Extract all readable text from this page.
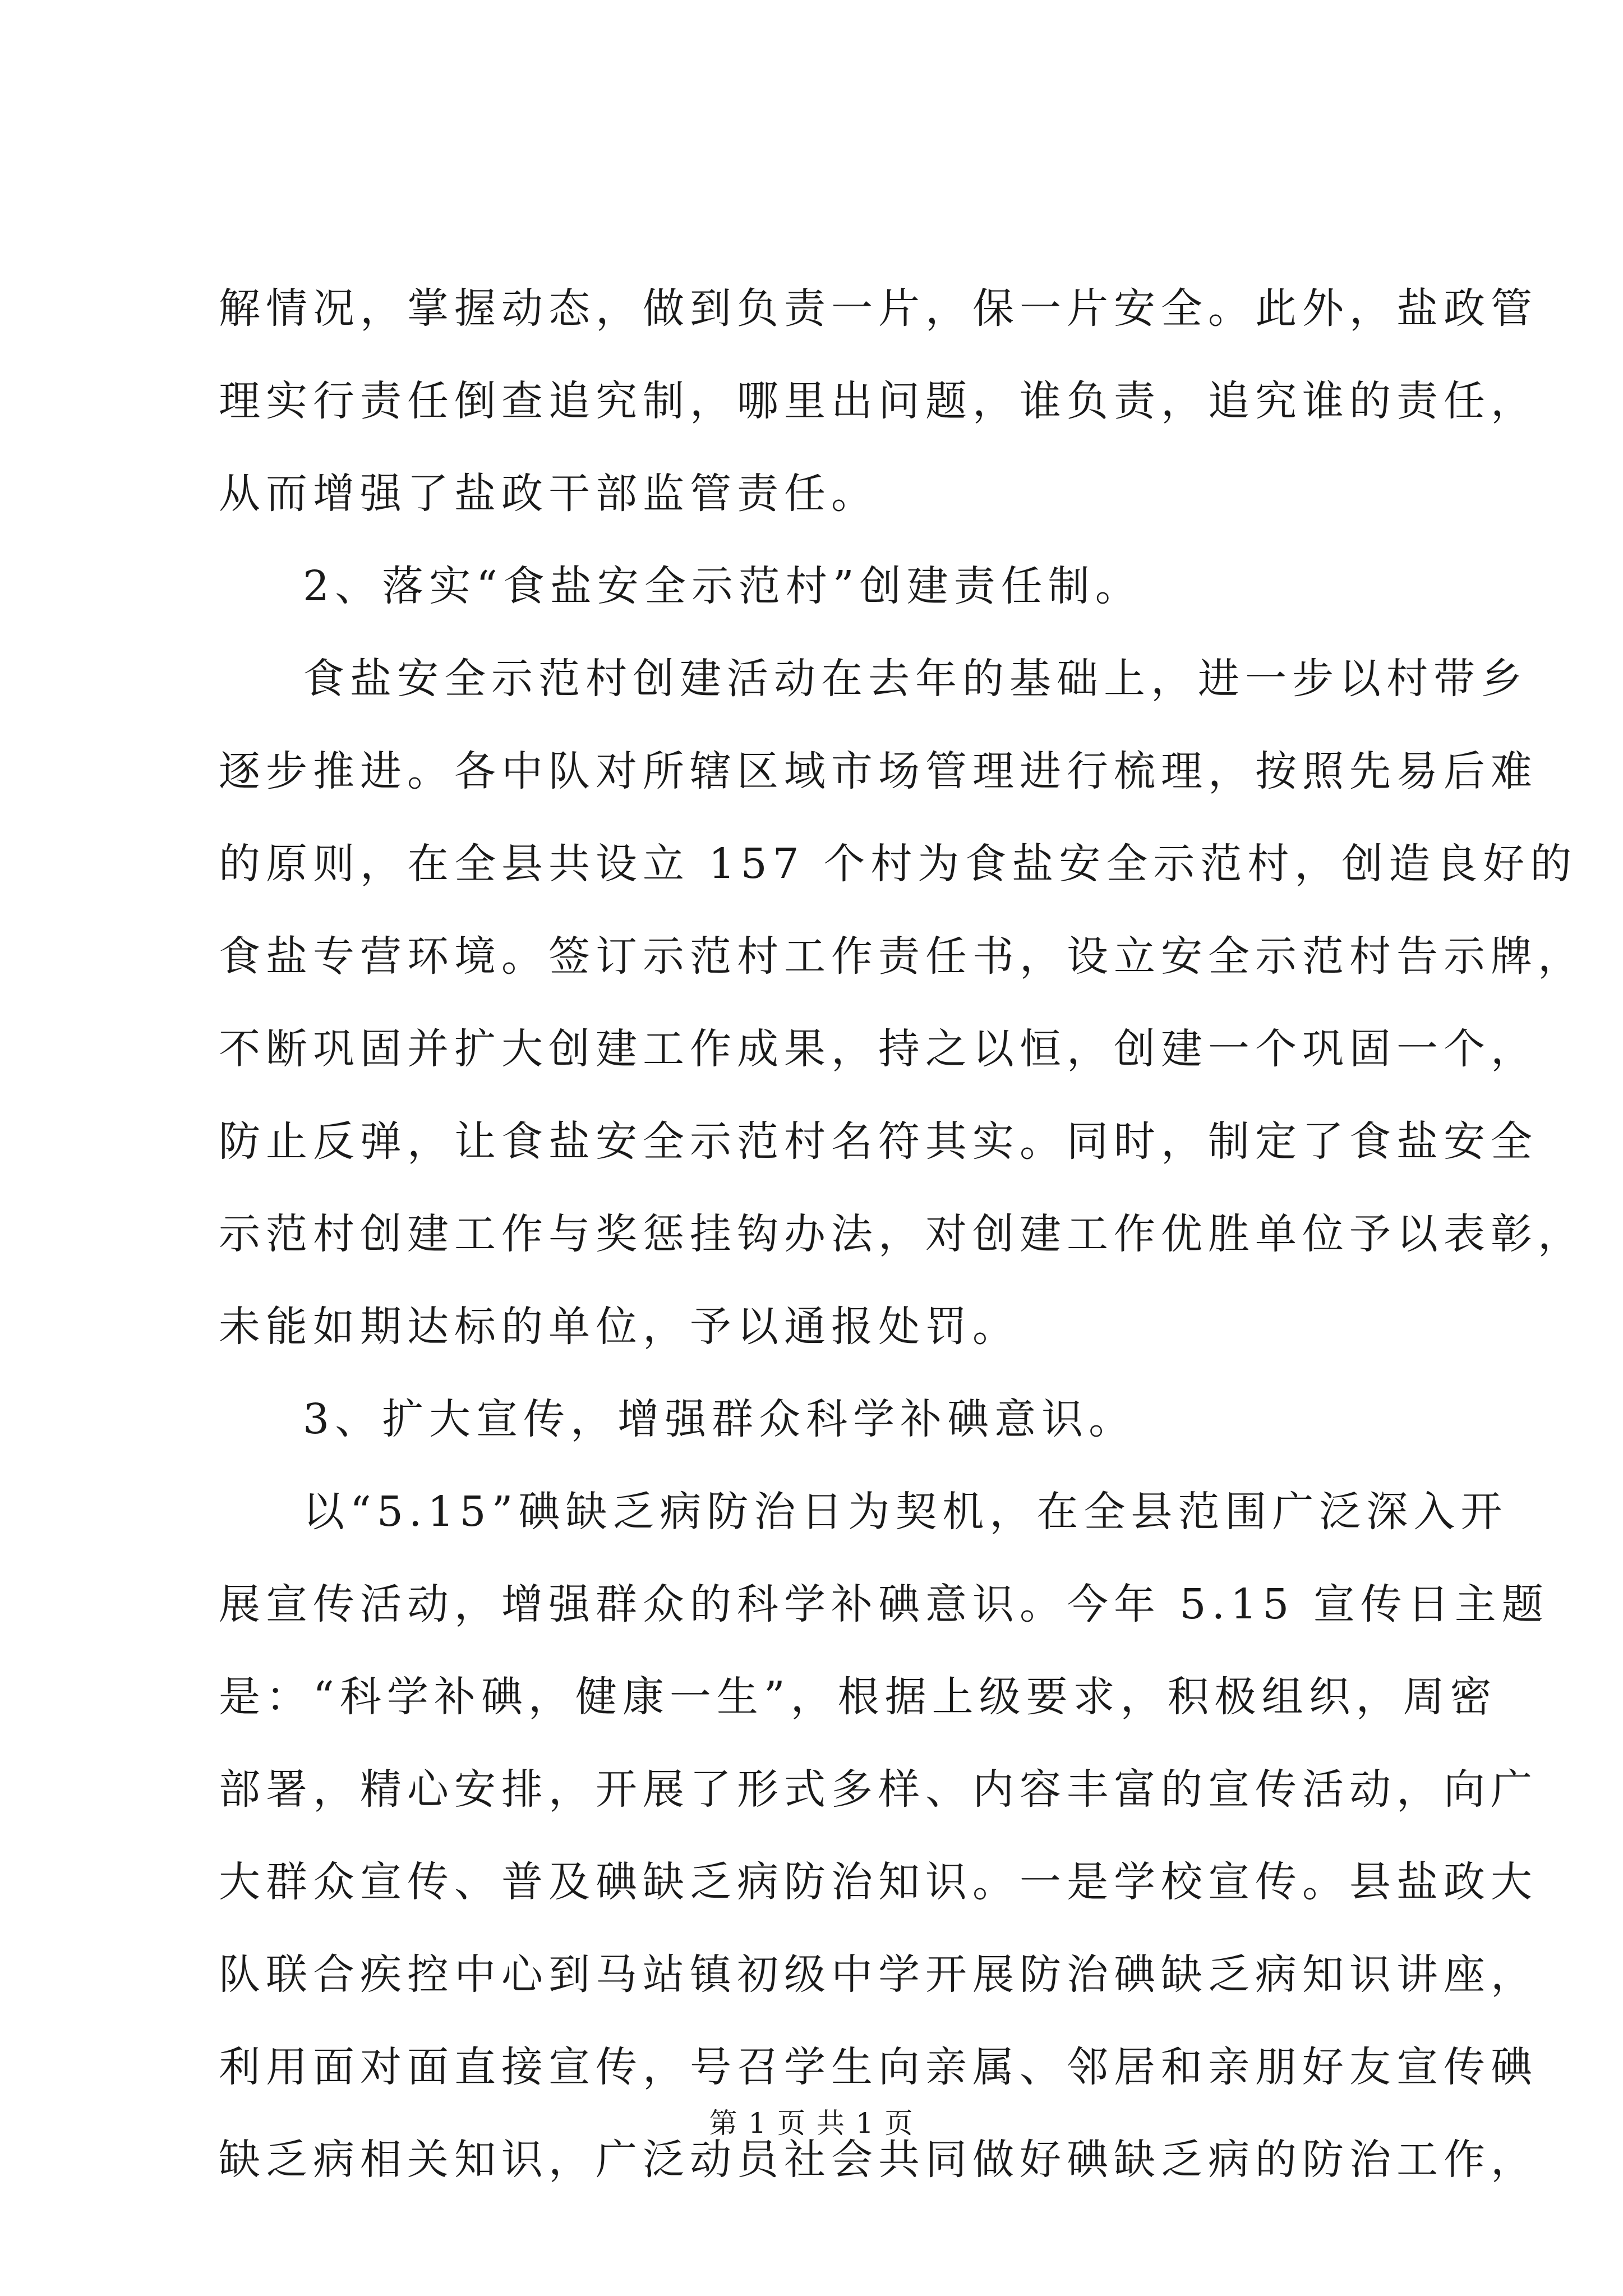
解情况，掌握动态，做到负责一片，保一片安全。此外，盐政管
理实行责任倒查追究制，哪里出问题，谁负责，追究谁的责任，
从而增强了盐政干部监管责任。
2、落实“食盐安全示范村”创建责任制。
食盐安全示范村创建活动在去年的基础上，进一步以村带乡
逐步推进。各中队对所辖区域市场管理进行梳理，按照先易后难
的原则，在全县共设立 157 个村为食盐安全示范村，创造良好的
食盐专营环境。签订示范村工作责任书，设立安全示范村告示牌，
不断巩固并扩大创建工作成果，持之以恒，创建一个巩固一个，
防止反弹，让食盐安全示范村名符其实。同时，制定了食盐安全
示范村创建工作与奖惩挂钩办法，对创建工作优胜单位予以表彰，
未能如期达标的单位，予以通报处罚。
3、扩大宣传，增强群众科学补碘意识。
以“5.15”碘缺乏病防治日为契机，在全县范围广泛深入开
展宣传活动，增强群众的科学补碘意识。今年 5.15 宣传日主题
是：“科学补碘，健康一生”，根据上级要求，积极组织，周密
部署，精心安排，开展了形式多样、内容丰富的宣传活动，向广
大群众宣传、普及碘缺乏病防治知识。一是学校宣传。县盐政大
队联合疾控中心到马站镇初级中学开展防治碘缺乏病知识讲座，
利用面对面直接宣传，号召学生向亲属、邻居和亲朋好友宣传碘
缺乏病相关知识，广泛动员社会共同做好碘缺乏病的防治工作，
第 1 页 共 1 页
